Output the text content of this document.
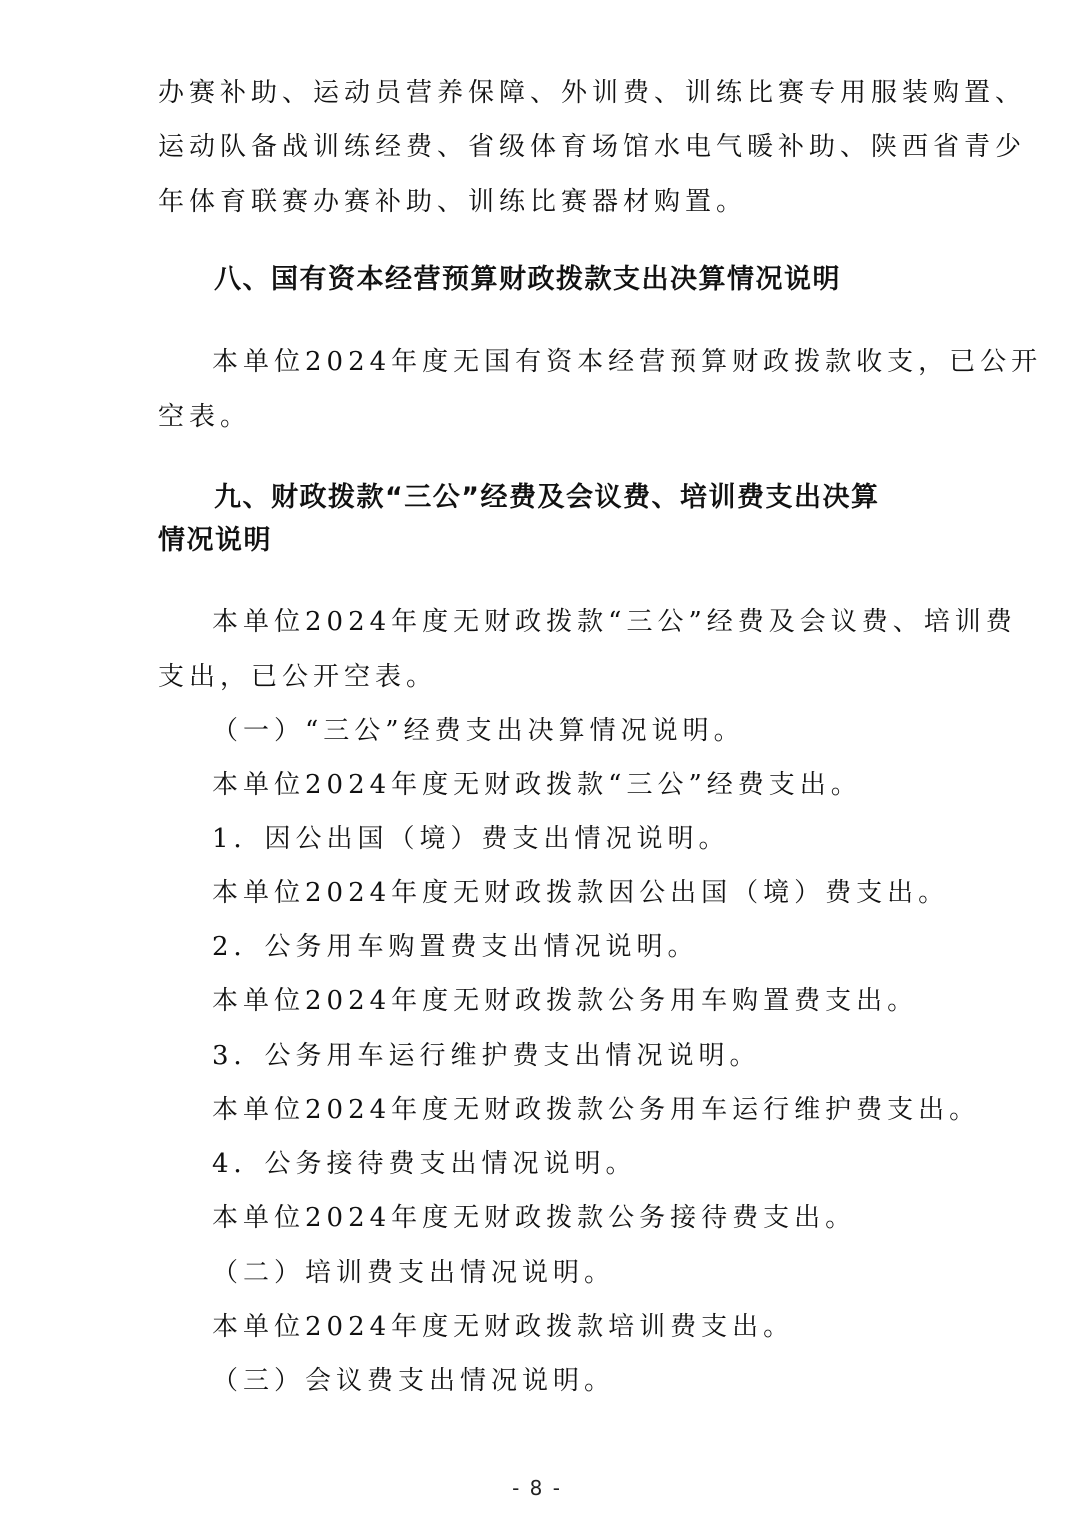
办赛补助、运动员营养保障、外训费、训练比赛专用服装购置、

运动队备战训练经费、省级体育场馆水电气暖补助、陕西省青少

年体育联赛办赛补助、训练比赛器材购置。

八、国有资本经营预算财政拨款支出决算情况说明

本单位2024年度无国有资本经营预算财政拨款收支，已公开

空表。

九、财政拨款“三公”经费及会议费、培训费支出决算

情况说明

本单位2024年度无财政拨款“三公”经费及会议费、培训费

支出，已公开空表。

（一）“三公”经费支出决算情况说明。

本单位2024年度无财政拨款“三公”经费支出。

1．因公出国（境）费支出情况说明。

本单位2024年度无财政拨款因公出国（境）费支出。

2．公务用车购置费支出情况说明。

本单位2024年度无财政拨款公务用车购置费支出。

3．公务用车运行维护费支出情况说明。

本单位2024年度无财政拨款公务用车运行维护费支出。

4．公务接待费支出情况说明。

本单位2024年度无财政拨款公务接待费支出。

（二）培训费支出情况说明。

本单位2024年度无财政拨款培训费支出。

（三）会议费支出情况说明。

- 8 -
